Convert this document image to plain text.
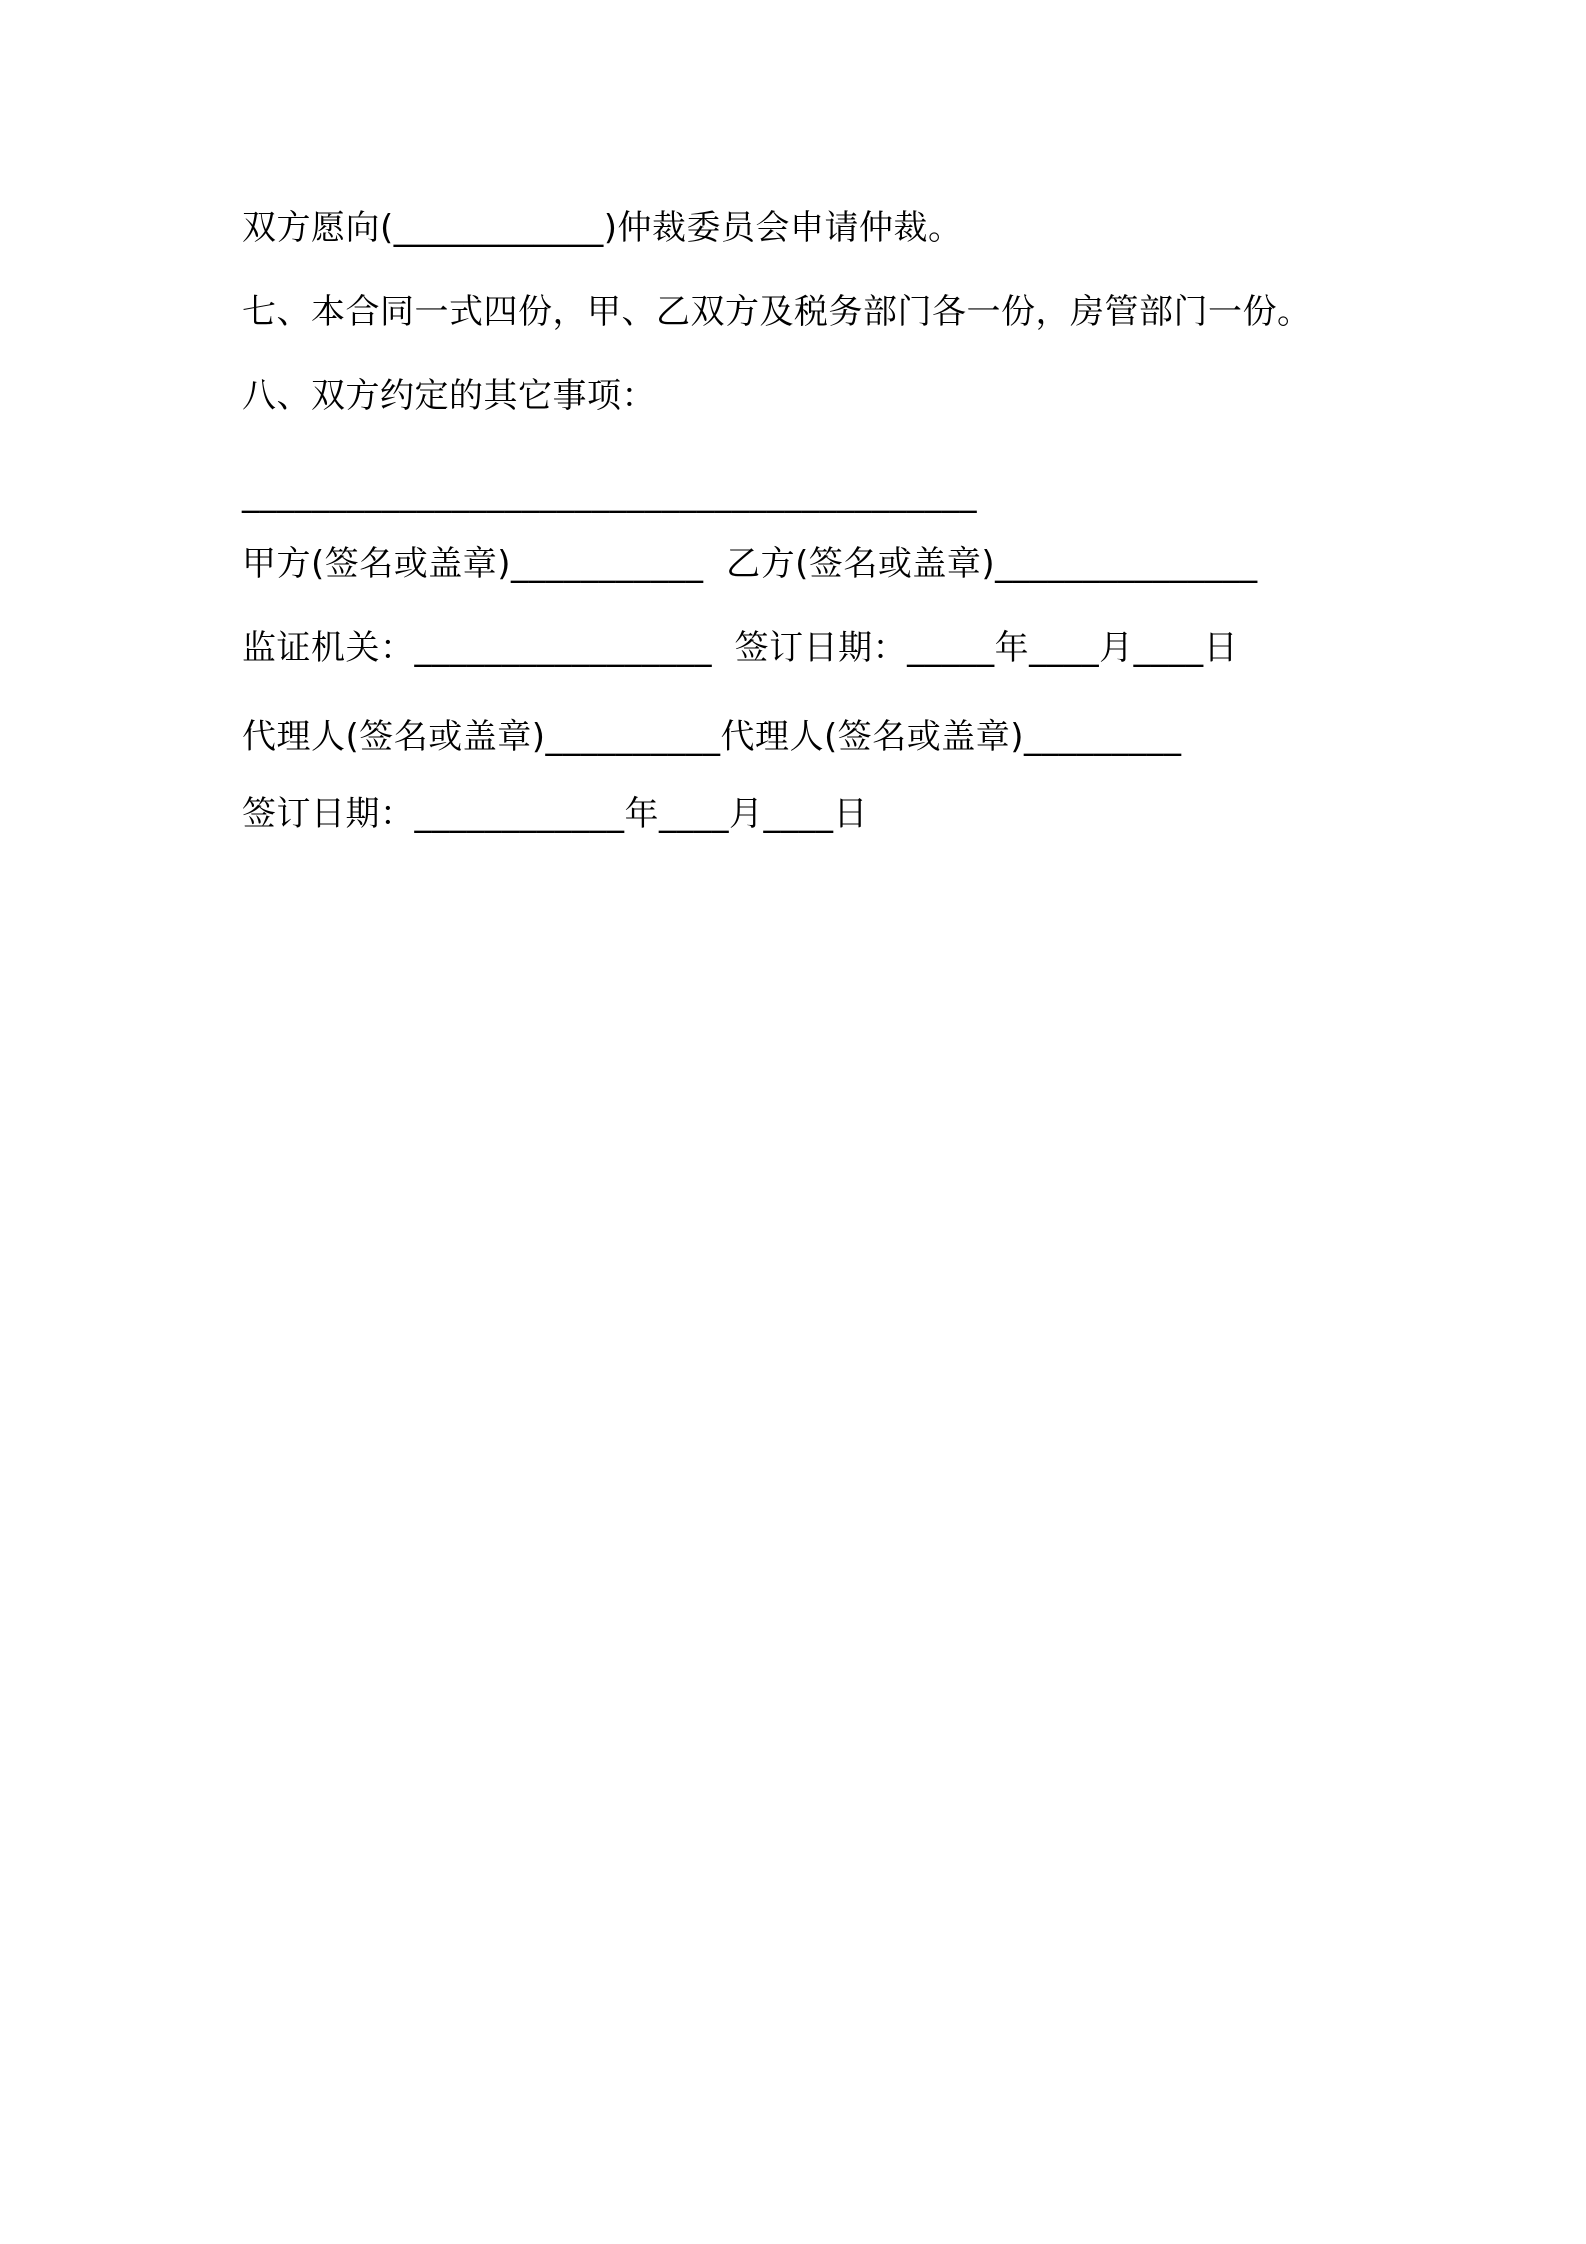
双方愿向(____________)仲裁委员会申请仲裁。
七、本合同一式四份，甲、乙双方及税务部门各一份，房管部门一份。
八、双方约定的其它事项：
__________________________________________
甲方(签名或盖章)___________ 乙方(签名或盖章)_______________
监证机关：_________________ 签订日期：_____年____月____日
代理人(签名或盖章)__________代理人(签名或盖章)_________
签订日期：____________年____月____日
